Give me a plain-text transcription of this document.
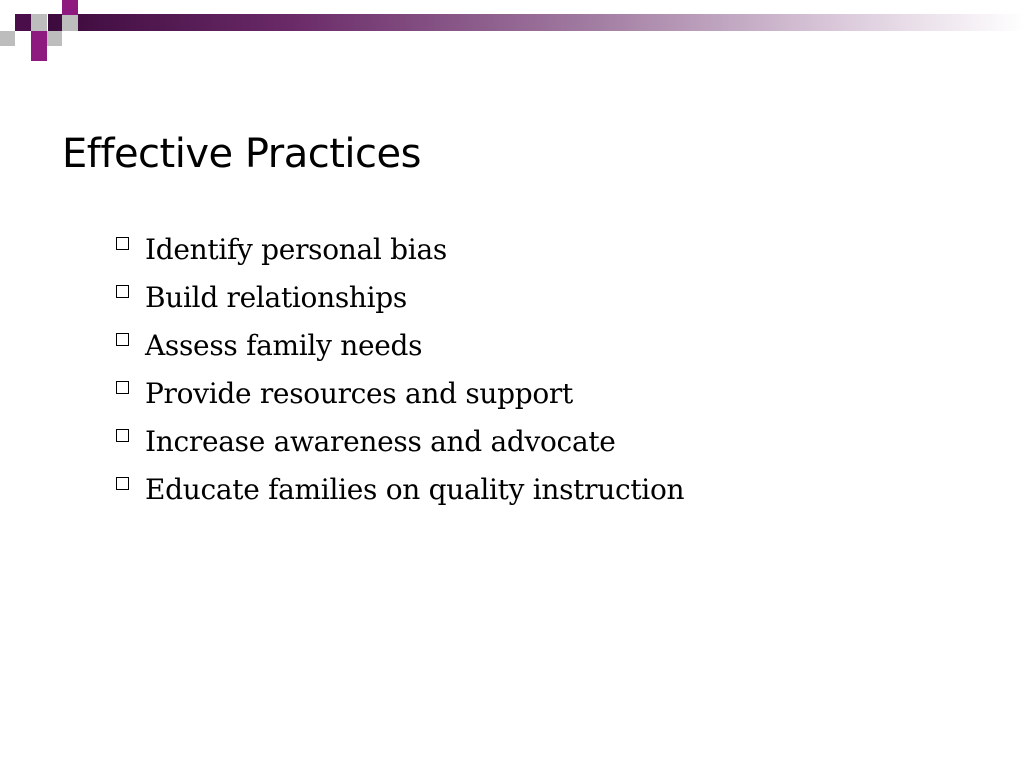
Effective Practices
Identify personal bias
Build relationships
Assess family needs
Provide resources and support
Increase awareness and advocate
Educate families on quality instruction
